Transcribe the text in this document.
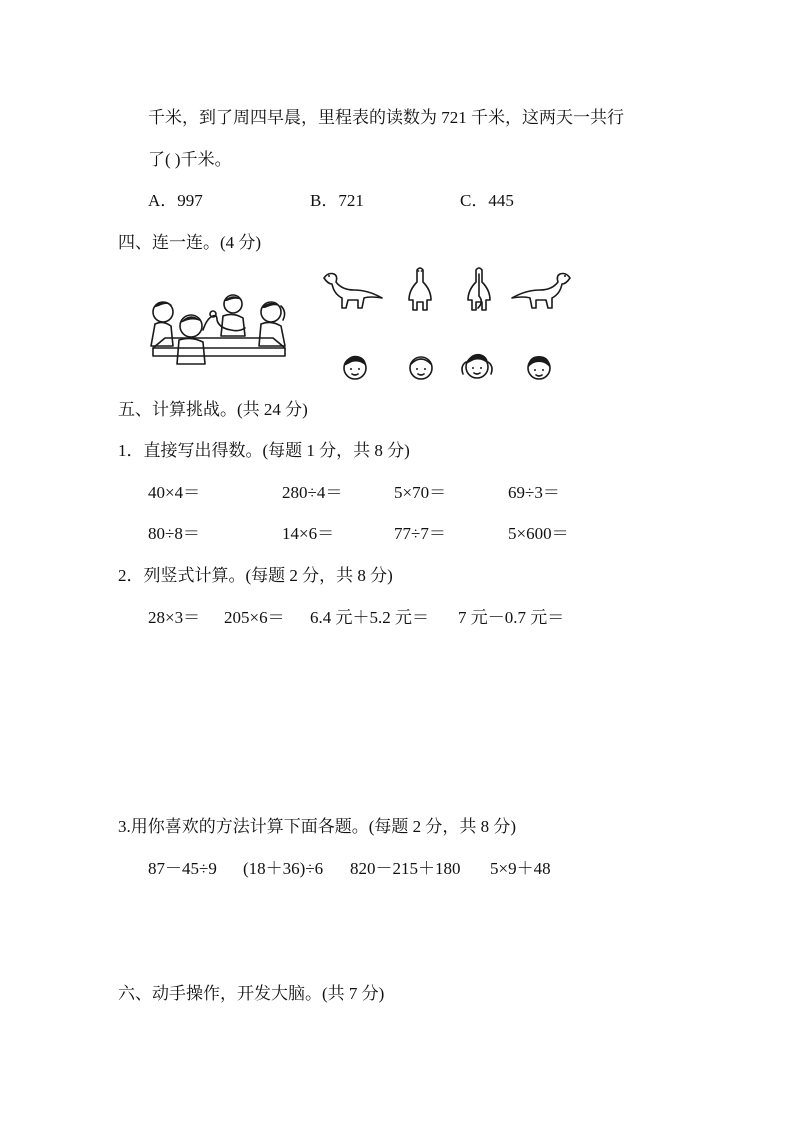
千米，到了周四早晨，里程表的读数为 721 千米，这两天一共行
了( )千米。
A．997	B．721	C．445
四、连一连。(4 分)
五、计算挑战。(共 24 分)
1．直接写出得数。(每题 1 分，共 8 分)
40×4＝	280÷4＝	5×70＝	69÷3＝
80÷8＝	14×6＝	77÷7＝	5×600＝
2．列竖式计算。(每题 2 分，共 8 分)
28×3＝ 205×6＝ 6.4 元＋5.2 元＝ 7 元－0.7 元＝
3.用你喜欢的方法计算下面各题。(每题 2 分，共 8 分)
87－45÷9 (18＋36)÷6 820－215＋180 5×9＋48
六、动手操作，开发大脑。(共 7 分)
